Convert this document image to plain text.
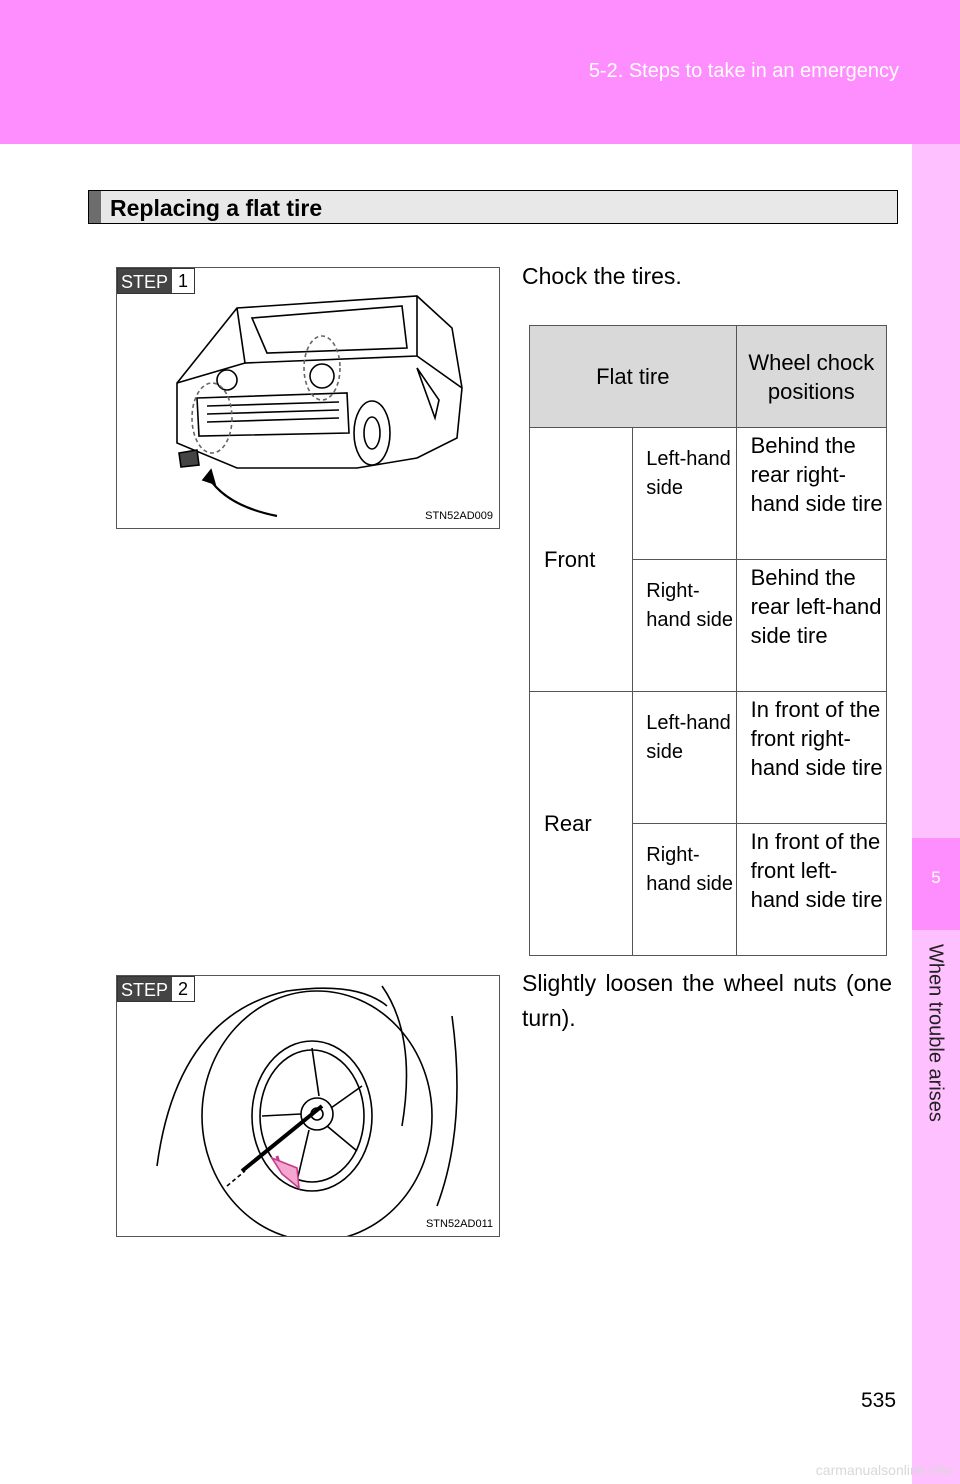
5-2. Steps to take in an emergency
5
When trouble arises
Replacing a flat tire
STEP 1
STN52AD009
Chock the tires.
Flat tire		Wheel chock positions
Front	Left-hand side	Behind the rear right-hand side tire
	Right-hand side	Behind the rear left-hand side tire
Rear	Left-hand side	In front of the front right-hand side tire
	Right-hand side	In front of the front left-hand side tire
STEP 2
STN52AD011
Slightly loosen the wheel nuts (one turn).
535
carmanualsonline.info
